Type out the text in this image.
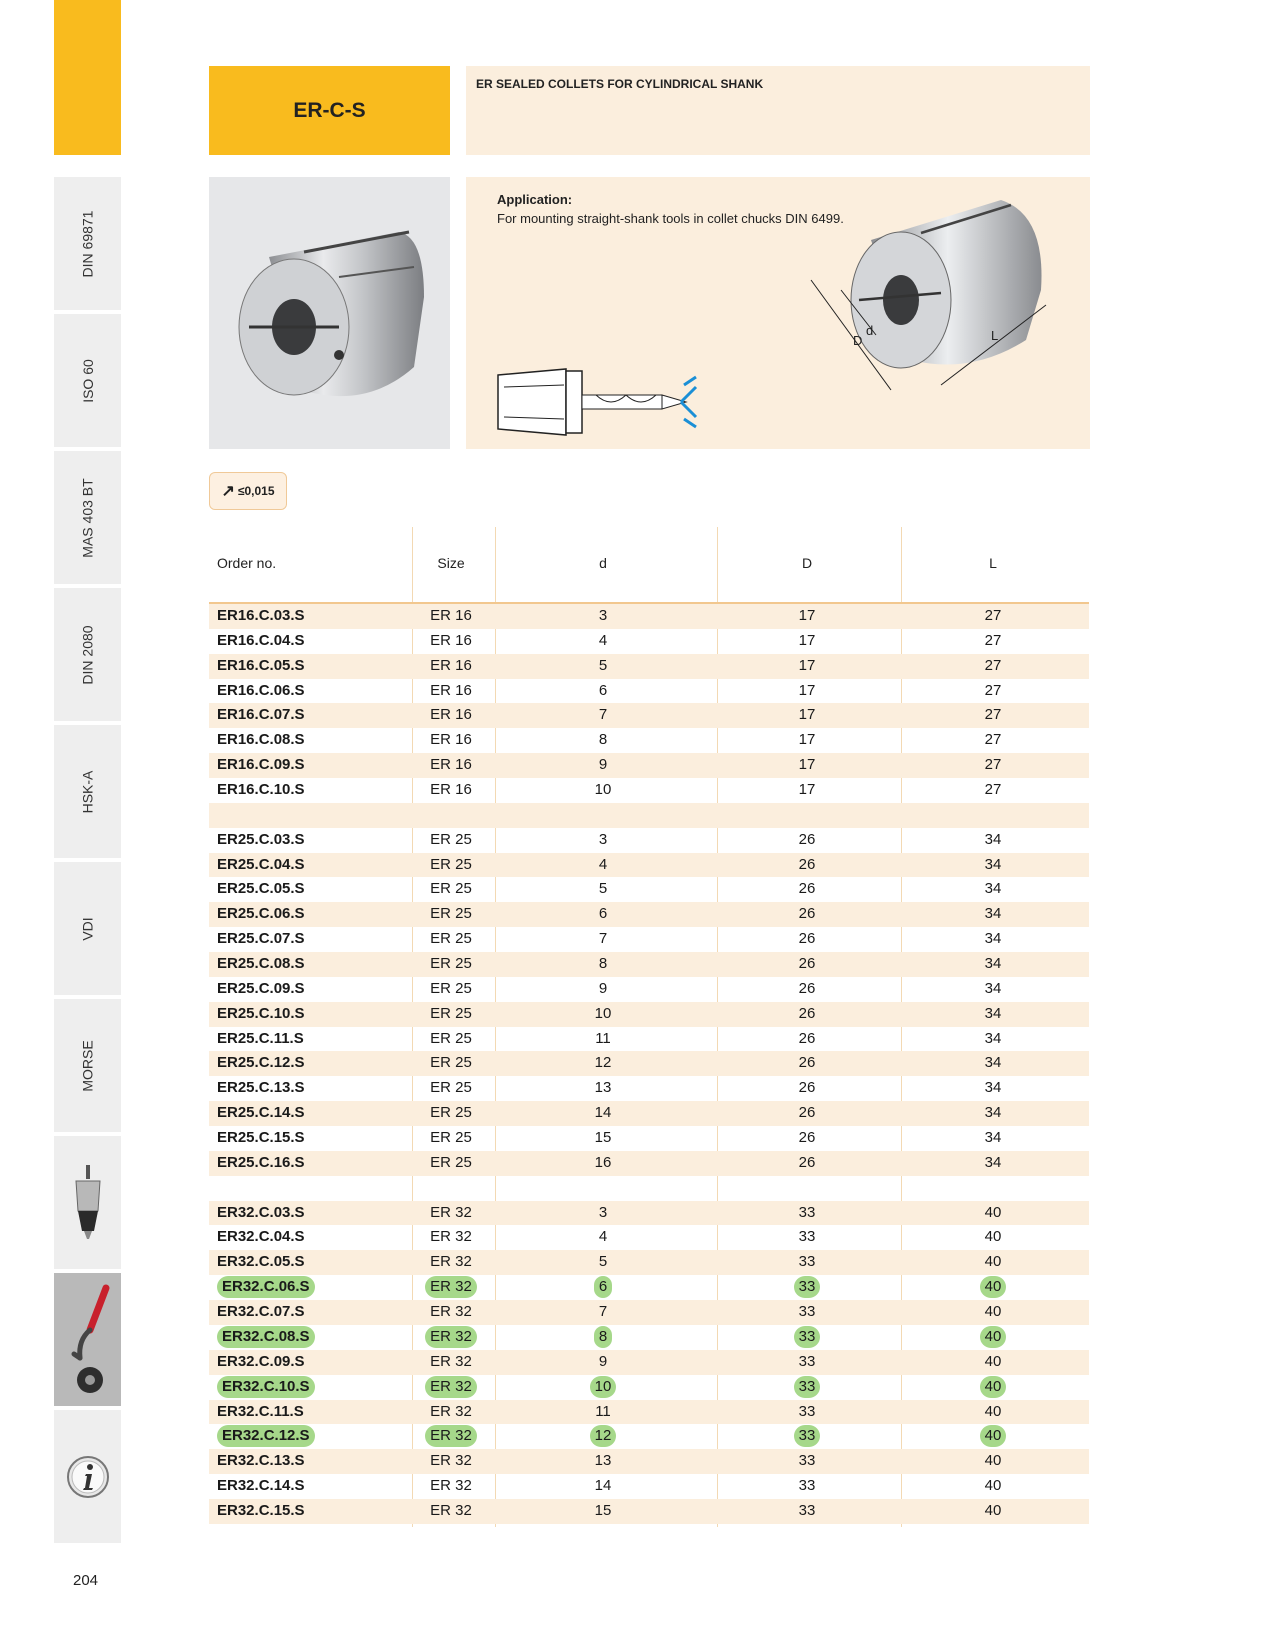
DIN 69871
ISO 60
MAS 403 BT
DIN 2080
HSK-A
VDI
MORSE
204
ER-C-S
ER SEALED COLLETS FOR CYLINDRICAL SHANK
Application:
For mounting straight-shank tools in collet chucks DIN 6499.
D
d	L
↗ ≤0,015
Order no.	Size	d	D	L
ER16.C.03.S	ER 16	3	17	27
ER16.C.04.S	ER 16	4	17	27
ER16.C.05.S	ER 16	5	17	27
ER16.C.06.S	ER 16	6	17	27
ER16.C.07.S	ER 16	7	17	27
ER16.C.08.S	ER 16	8	17	27
ER16.C.09.S	ER 16	9	17	27
ER16.C.10.S	ER 16	10	17	27
ER25.C.03.S	ER 25	3	26	34
ER25.C.04.S	ER 25	4	26	34
ER25.C.05.S	ER 25	5	26	34
ER25.C.06.S	ER 25	6	26	34
ER25.C.07.S	ER 25	7	26	34
ER25.C.08.S	ER 25	8	26	34
ER25.C.09.S	ER 25	9	26	34
ER25.C.10.S	ER 25	10	26	34
ER25.C.11.S	ER 25	11	26	34
ER25.C.12.S	ER 25	12	26	34
ER25.C.13.S	ER 25	13	26	34
ER25.C.14.S	ER 25	14	26	34
ER25.C.15.S	ER 25	15	26	34
ER25.C.16.S	ER 25	16	26	34
ER32.C.03.S	ER 32	3	33	40
ER32.C.04.S	ER 32	4	33	40
ER32.C.05.S	ER 32	5	33	40
ER32.C.06.S	ER 32	6	33	40
ER32.C.07.S	ER 32	7	33	40
ER32.C.08.S	ER 32	8	33	40
ER32.C.09.S	ER 32	9	33	40
ER32.C.10.S	ER 32	10	33	40
ER32.C.11.S	ER 32	11	33	40
ER32.C.12.S	ER 32	12	33	40
ER32.C.13.S	ER 32	13	33	40
ER32.C.14.S	ER 32	14	33	40
ER32.C.15.S	ER 32	15	33	40
